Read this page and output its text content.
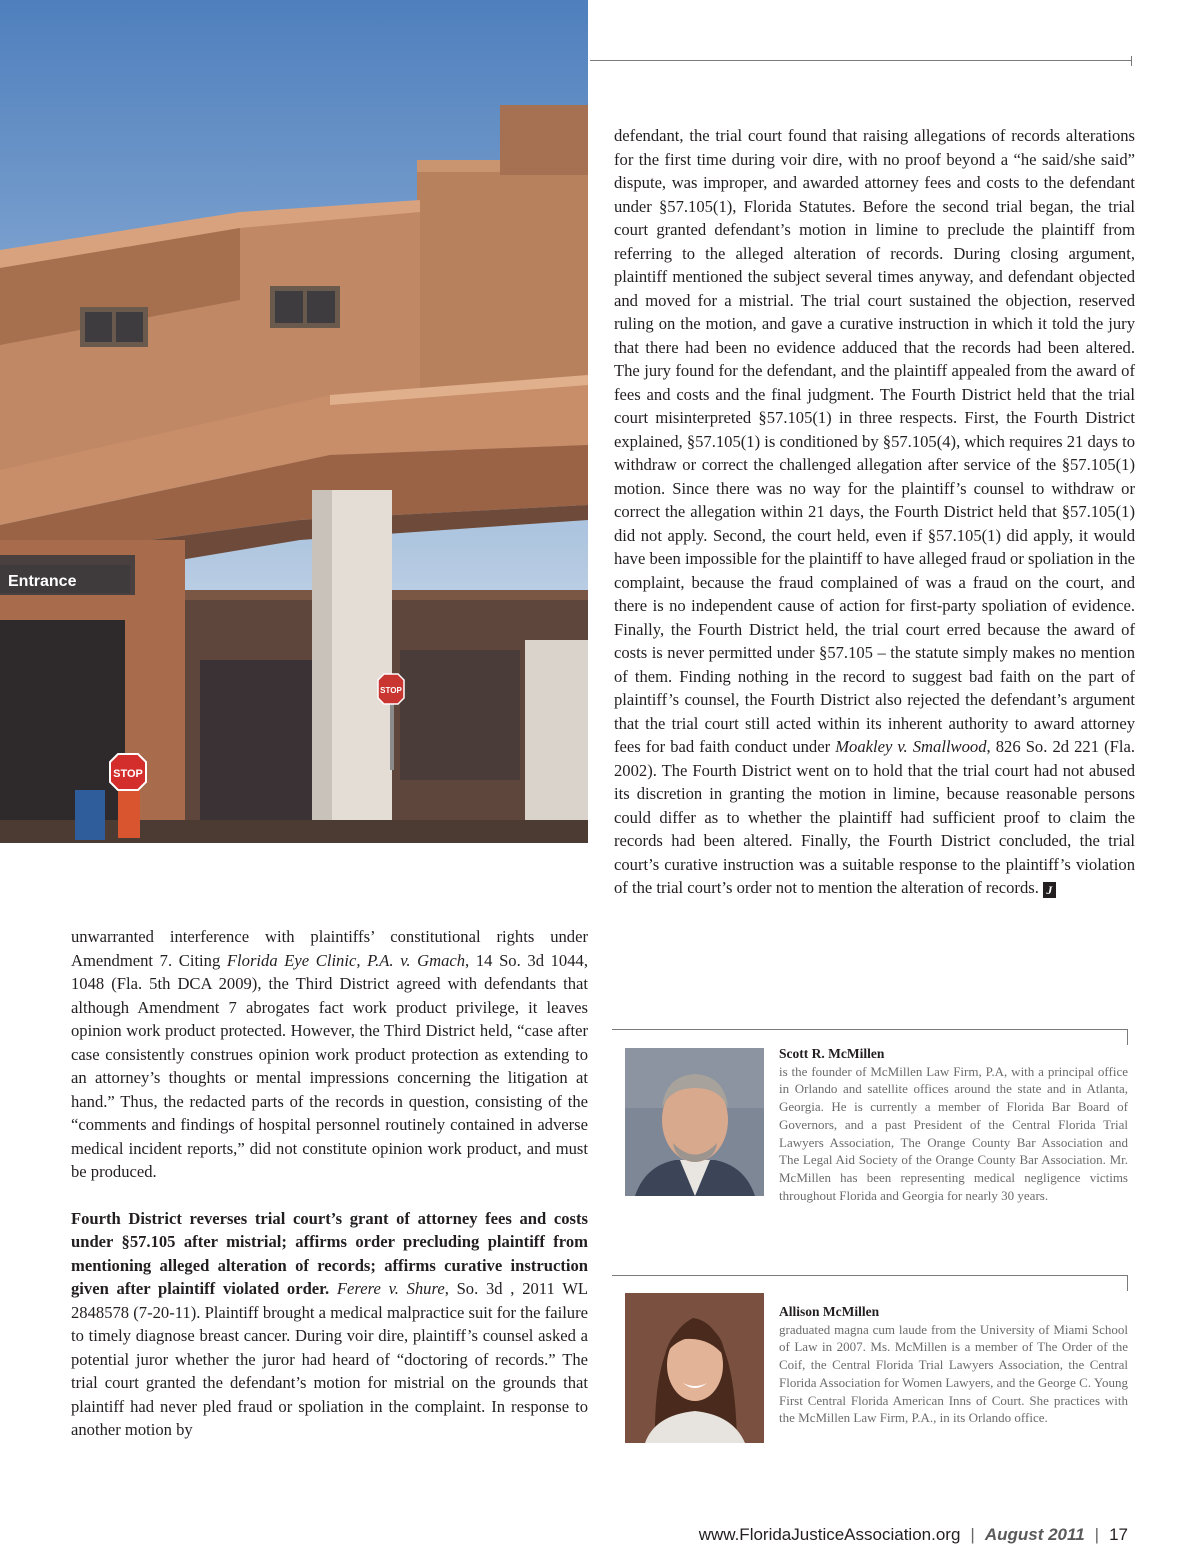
STOP
STOP
Entrance

unwarranted interference with plaintiffs’ constitutional rights under Amendment 7. Citing Florida Eye Clinic, P.A. v. Gmach, 14 So. 3d 1044, 1048 (Fla. 5th DCA 2009), the Third District agreed with defendants that although Amendment 7 abrogates fact work product privilege, it leaves opinion work product protected. However, the Third District held, “case after case consistently construes opinion work product protection as extending to an attorney’s thoughts or mental impressions concerning the litigation at hand.” Thus, the redacted parts of the records in question, consisting of the “comments and findings of hospital personnel routinely contained in adverse medical incident reports,” did not constitute opinion work product, and must be produced.

Fourth District reverses trial court’s grant of attorney fees and costs under §57.105 after mistrial; affirms order precluding plaintiff from mentioning alleged alteration of records; affirms curative instruction given after plaintiff violated order. Ferere v. Shure, So. 3d , 2011 WL 2848578 (7-20-11). Plaintiff brought a medical malpractice suit for the failure to timely diagnose breast cancer. During voir dire, plaintiff’s counsel asked a potential juror whether the juror had heard of “doctoring of records.” The trial court granted the defendant’s motion for mistrial on the grounds that plaintiff had never pled fraud or spoliation in the complaint. In response to another motion by

defendant, the trial court found that raising allegations of records alterations for the first time during voir dire, with no proof beyond a “he said/she said” dispute, was improper, and awarded attorney fees and costs to the defendant under §57.105(1), Florida Statutes. Before the second trial began, the trial court granted defendant’s motion in limine to preclude the plaintiff from referring to the alleged alteration of records. During closing argument, plaintiff mentioned the subject several times anyway, and defendant objected and moved for a mistrial. The trial court sustained the objection, reserved ruling on the motion, and gave a curative instruction in which it told the jury that there had been no evidence adduced that the records had been altered. The jury found for the defendant, and the plaintiff appealed from the award of fees and costs and the final judgment. The Fourth District held that the trial court misinterpreted §57.105(1) in three respects. First, the Fourth District explained, §57.105(1) is conditioned by §57.105(4), which requires 21 days to withdraw or correct the challenged allegation after service of the §57.105(1) motion. Since there was no way for the plaintiff’s counsel to withdraw or correct the allegation within 21 days, the Fourth District held that §57.105(1) did not apply. Second, the court held, even if §57.105(1) did apply, it would have been impossible for the plaintiff to have alleged fraud or spoliation in the complaint, because the fraud complained of was a fraud on the court, and there is no independent cause of action for first-party spoliation of evidence. Finally, the Fourth District held, the trial court erred because the award of costs is never permitted under §57.105 – the statute simply makes no mention of them. Finding nothing in the record to suggest bad faith on the part of plaintiff’s counsel, the Fourth District also rejected the defendant’s argument that the trial court still acted within its inherent authority to award attorney fees for bad faith conduct under Moakley v. Smallwood, 826 So. 2d 221 (Fla. 2002). The Fourth District went on to hold that the trial court had not abused its discretion in granting the motion in limine, because reasonable persons could differ as to whether the plaintiff had sufficient proof to claim the records had been altered. Finally, the Fourth District concluded, the trial court’s curative instruction was a suitable response to the plaintiff’s violation of the trial court’s order not to mention the alteration of records. J

Scott R. McMillen
is the founder of McMillen Law Firm, P.A, with a principal office in Orlando and satellite offices around the state and in Atlanta, Georgia. He is currently a member of Florida Bar Board of Governors, and a past President of the Central Florida Trial Lawyers Association, The Orange County Bar Association and The Legal Aid Society of the Orange County Bar Association. Mr. McMillen has been representing medical negligence victims throughout Florida and Georgia for nearly 30 years.
Allison McMillen
graduated magna cum laude from the University of Miami School of Law in 2007. Ms. McMillen is a member of The Order of the Coif, the Central Florida Trial Lawyers Association, the Central Florida Association for Women Lawyers, and the George C. Young First Central Florida American Inns of Court. She practices with the McMillen Law Firm, P.A., in its Orlando office.
www.FloridaJusticeAssociation.org | August 2011 | 17
